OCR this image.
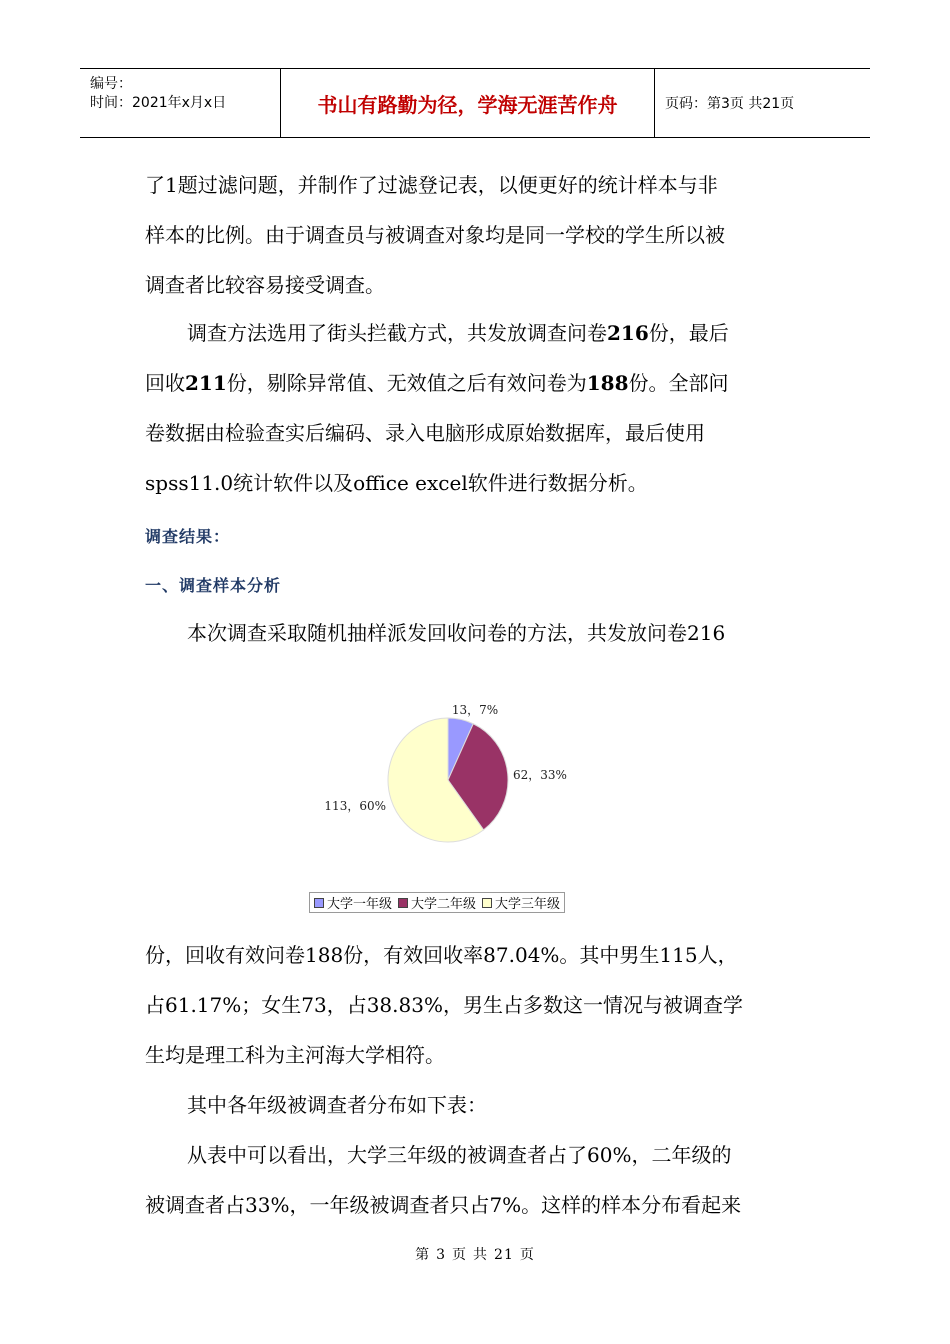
编号：
时间：2021年x月x日	书山有路勤为径，学海无涯苦作舟	页码：第3页 共21页
了1题过滤问题，并制作了过滤登记表，以便更好的统计样本与非
样本的比例。由于调查员与被调查对象均是同一学校的学生所以被
调查者比较容易接受调查。
调查方法选用了街头拦截方式，共发放调查问卷216份，最后
回收211份，剔除异常值、无效值之后有效问卷为188份。全部问
卷数据由检验查实后编码、录入电脑形成原始数据库，最后使用
spss11.0统计软件以及office excel软件进行数据分析。
调查结果：
一、调查样本分析
本次调查采取随机抽样派发回收问卷的方法，共发放问卷216
13，7%
62，33%
113，60%
大学一年级 大学二年级 大学三年级
份，回收有效问卷188份，有效回收率87.04%。其中男生115人，
占61.17%；女生73，占38.83%，男生占多数这一情况与被调查学
生均是理工科为主河海大学相符。
其中各年级被调查者分布如下表：
从表中可以看出，大学三年级的被调查者占了60%，二年级的
被调查者占33%，一年级被调查者只占7%。这样的样本分布看起来
第 3 页 共 21 页
